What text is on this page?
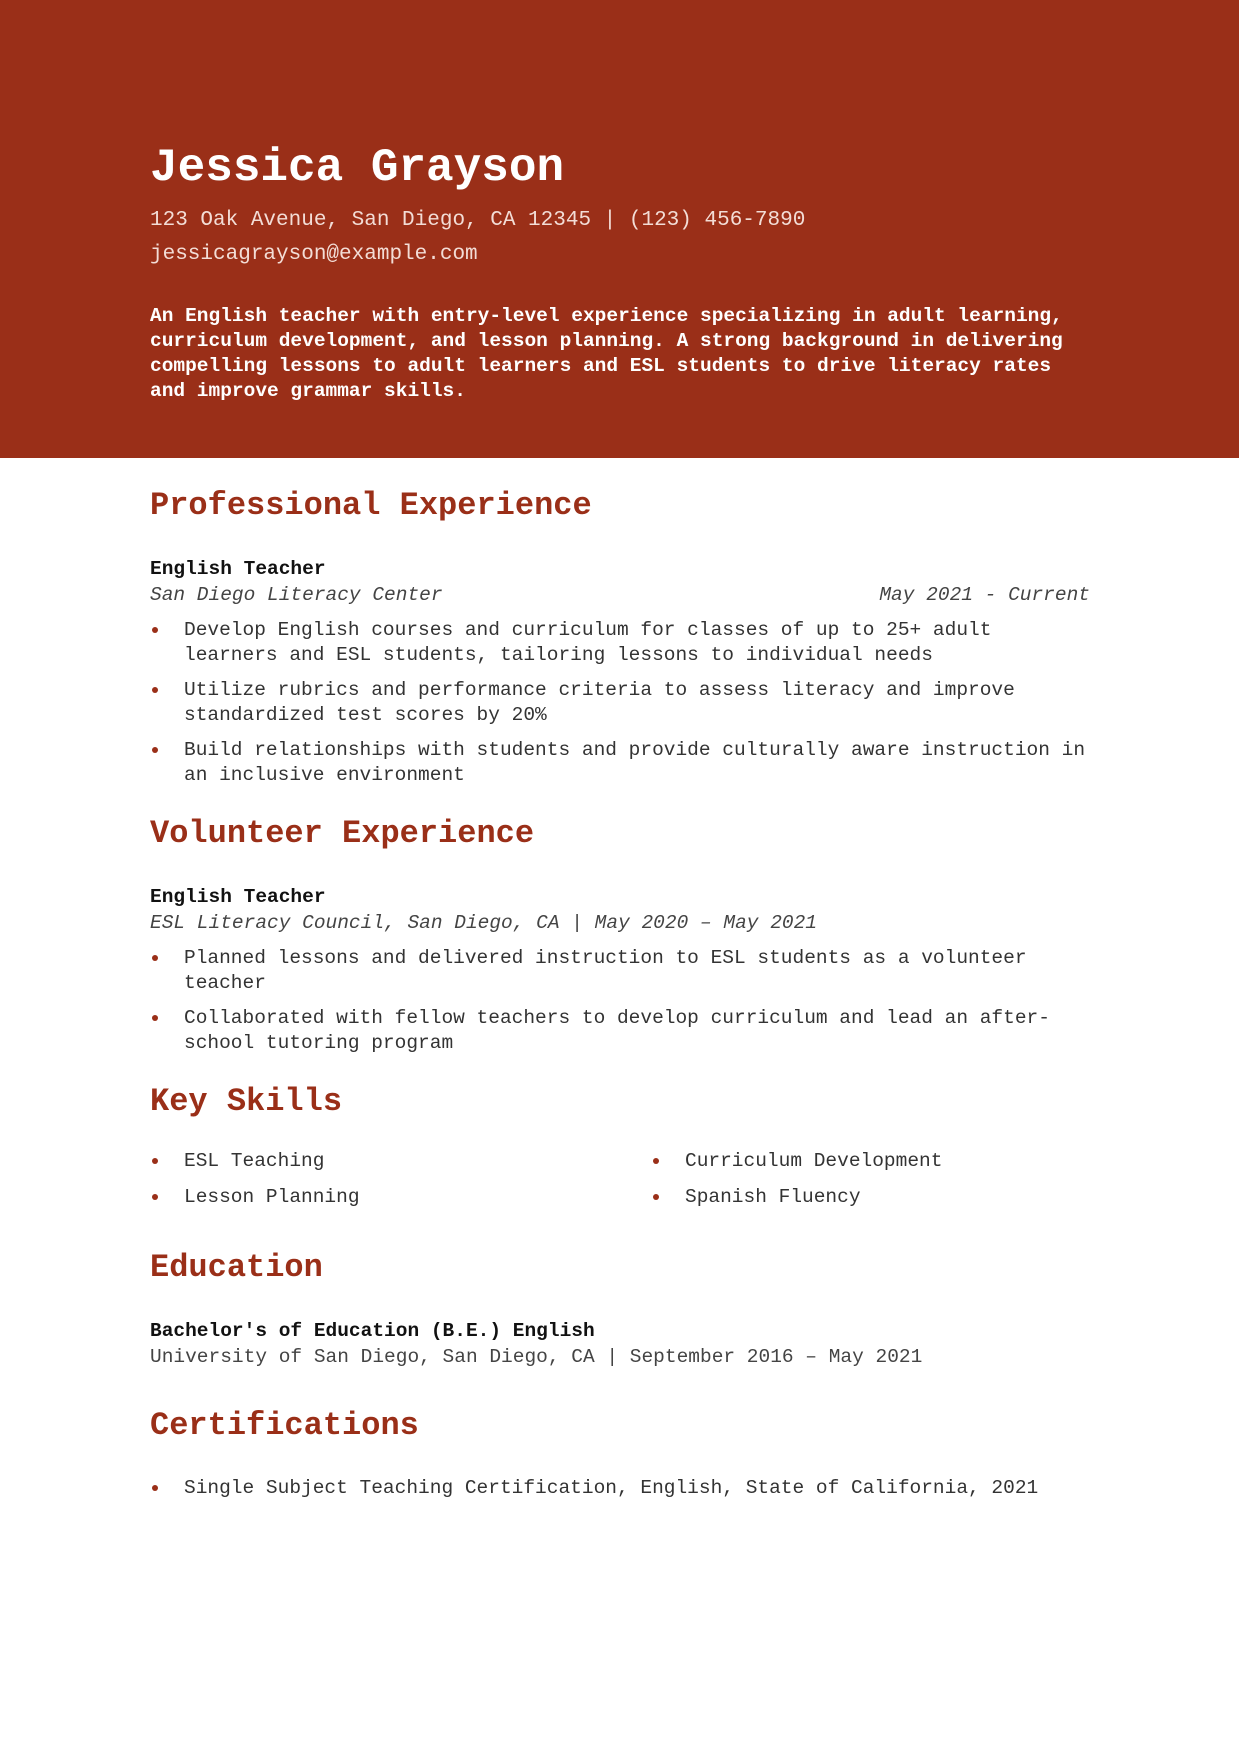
Jessica Grayson

123 Oak Avenue, San Diego, CA 12345 | (123) 456-7890

jessicagrayson@example.com

An English teacher with entry-level experience specializing in adult learning, curriculum development, and lesson planning. A strong background in delivering compelling lessons to adult learners and ESL students to drive literacy rates and improve grammar skills.
Professional Experience
English Teacher
San Diego Literacy Center	May 2021 - Current
Develop English courses and curriculum for classes of up to 25+ adult learners and ESL students, tailoring lessons to individual needs
Utilize rubrics and performance criteria to assess literacy and improve standardized test scores by 20%
Build relationships with students and provide culturally aware instruction in an inclusive environment
Volunteer Experience
English Teacher
ESL Literacy Council, San Diego, CA | May 2020 – May 2021
Planned lessons and delivered instruction to ESL students as a volunteer teacher
Collaborated with fellow teachers to develop curriculum and lead an after-school tutoring program
Key Skills
ESL Teaching	Curriculum Development
Lesson Planning	Spanish Fluency
Education
Bachelor's of Education (B.E.) English
University of San Diego, San Diego, CA | September 2016 – May 2021
Certifications
Single Subject Teaching Certification, English, State of California, 2021
